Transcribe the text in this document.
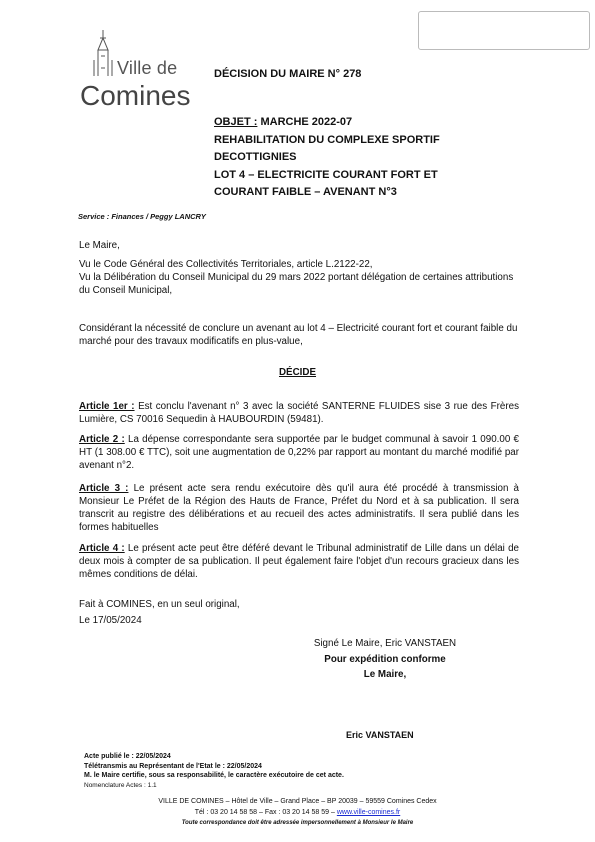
Ville de
Comines
DÉCISION DU MAIRE N° 278
OBJET : MARCHE 2022-07
REHABILITATION DU COMPLEXE SPORTIF
DECOTTIGNIES
LOT 4 – ELECTRICITE COURANT FORT ET
COURANT FAIBLE – AVENANT N°3
Service : Finances / Peggy LANCRY
Le Maire,
Vu le Code Général des Collectivités Territoriales, article L.2122-22,
Vu la Délibération du Conseil Municipal du 29 mars 2022 portant délégation de certaines attributions du Conseil Municipal,
Considérant la nécessité de conclure un avenant au lot 4 – Electricité courant fort et courant faible du marché pour des travaux modificatifs en plus-value,
DÉCIDE
Article 1er : Est conclu l'avenant n° 3 avec la société SANTERNE FLUIDES sise 3 rue des Frères Lumière, CS 70016 Sequedin à HAUBOURDIN (59481).
Article 2 : La dépense correspondante sera supportée par le budget communal à savoir 1 090.00 € HT (1 308.00 € TTC), soit une augmentation de 0,22% par rapport au montant du marché modifié par avenant n°2.
Article 3 : Le présent acte sera rendu exécutoire dès qu'il aura été procédé à transmission à Monsieur Le Préfet de la Région des Hauts de France, Préfet du Nord et à sa publication. Il sera transcrit au registre des délibérations et au recueil des actes administratifs. Il sera publié dans les formes habituelles
Article 4 : Le présent acte peut être déféré devant le Tribunal administratif de Lille dans un délai de deux mois à compter de sa publication. Il peut également faire l'objet d'un recours gracieux dans les mêmes conditions de délai.
Fait à COMINES, en un seul original,
Le 17/05/2024
Signé Le Maire, Eric VANSTAEN
Pour expédition conforme
Le Maire,
Eric VANSTAEN
Acte publié le : 22/05/2024
Télétransmis au Représentant de l'Etat le : 22/05/2024
M. le Maire certifie, sous sa responsabilité, le caractère exécutoire de cet acte.
Nomenclature Actes : 1.1
VILLE DE COMINES – Hôtel de Ville – Grand Place – BP 20039 – 59559 Comines Cedex
Tél : 03 20 14 58 58 – Fax : 03 20 14 58 59 – www.ville-comines.fr
Toute correspondance doit être adressée impersonnellement à Monsieur le Maire
